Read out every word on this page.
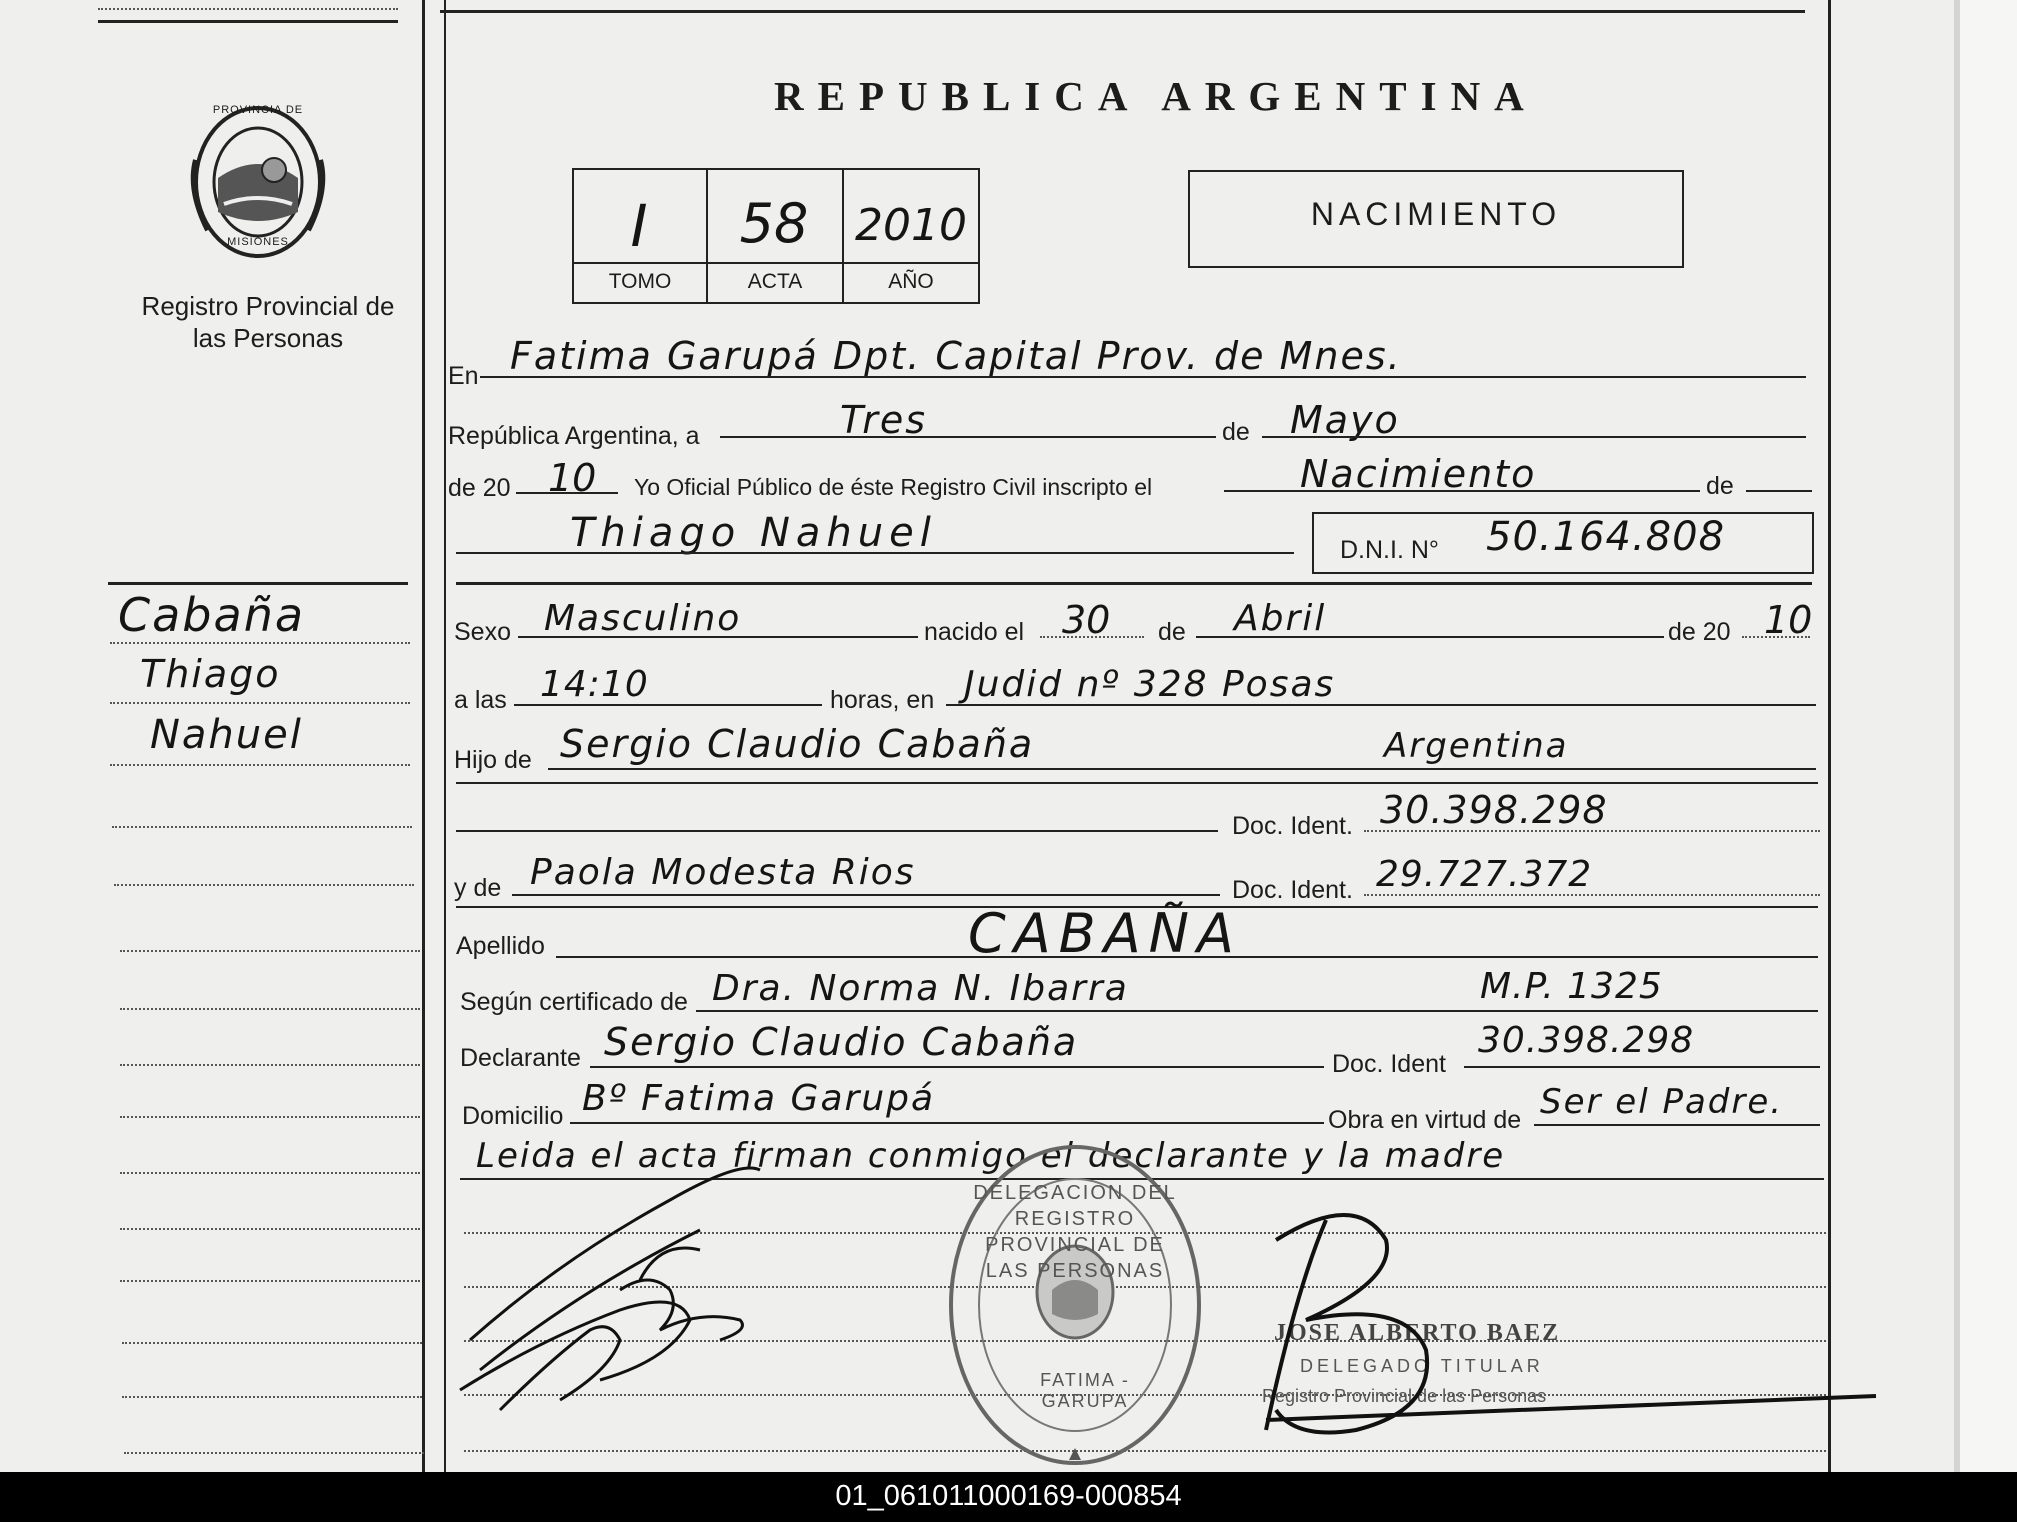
PROVINCIA DE
MISIONES
Registro Provincial de las Personas
Cabaña
Thiago
Nahuel
REPUBLICA ARGENTINA
I	58	2010
TOMO	ACTA	AÑO
NACIMIENTO
En Fatima Garupá Dpt. Capital Prov. de Mnes.
República Argentina, a	Tres	de Mayo
de 20 10 Yo Oficial Público de éste Registro Civil inscripto el	Nacimiento	de
Thiago Nahuel	D.N.I. N° 50.164.808
Sexo Masculino	nacido el 30 de Abril	de 20 10
a las 14:10	horas, en Judid nº 328 Posas
Hijo de Sergio Claudio Cabaña	Argentina
Doc. Ident. 30.398.298
y de Paola Modesta Rios	Doc. Ident. 29.727.372
Apellido	CABAÑA
Según certificado de Dra. Norma N. Ibarra	M.P. 1325
Declarante Sergio Claudio Cabaña	Doc. Ident
30.398.298
Domicilio Bº Fatima Garupá
Obra en virtud de Ser el Padre.
Leida el acta firman conmigo el declarante y la madre
DELEGACION DEL REGISTRO PROVINCIAL DE LAS PERSONAS
FATIMA - GARUPA
JOSE ALBERTO BAEZ
DELEGADO TITULAR
Registro Provincial de las Personas
01_061011000169-000854
